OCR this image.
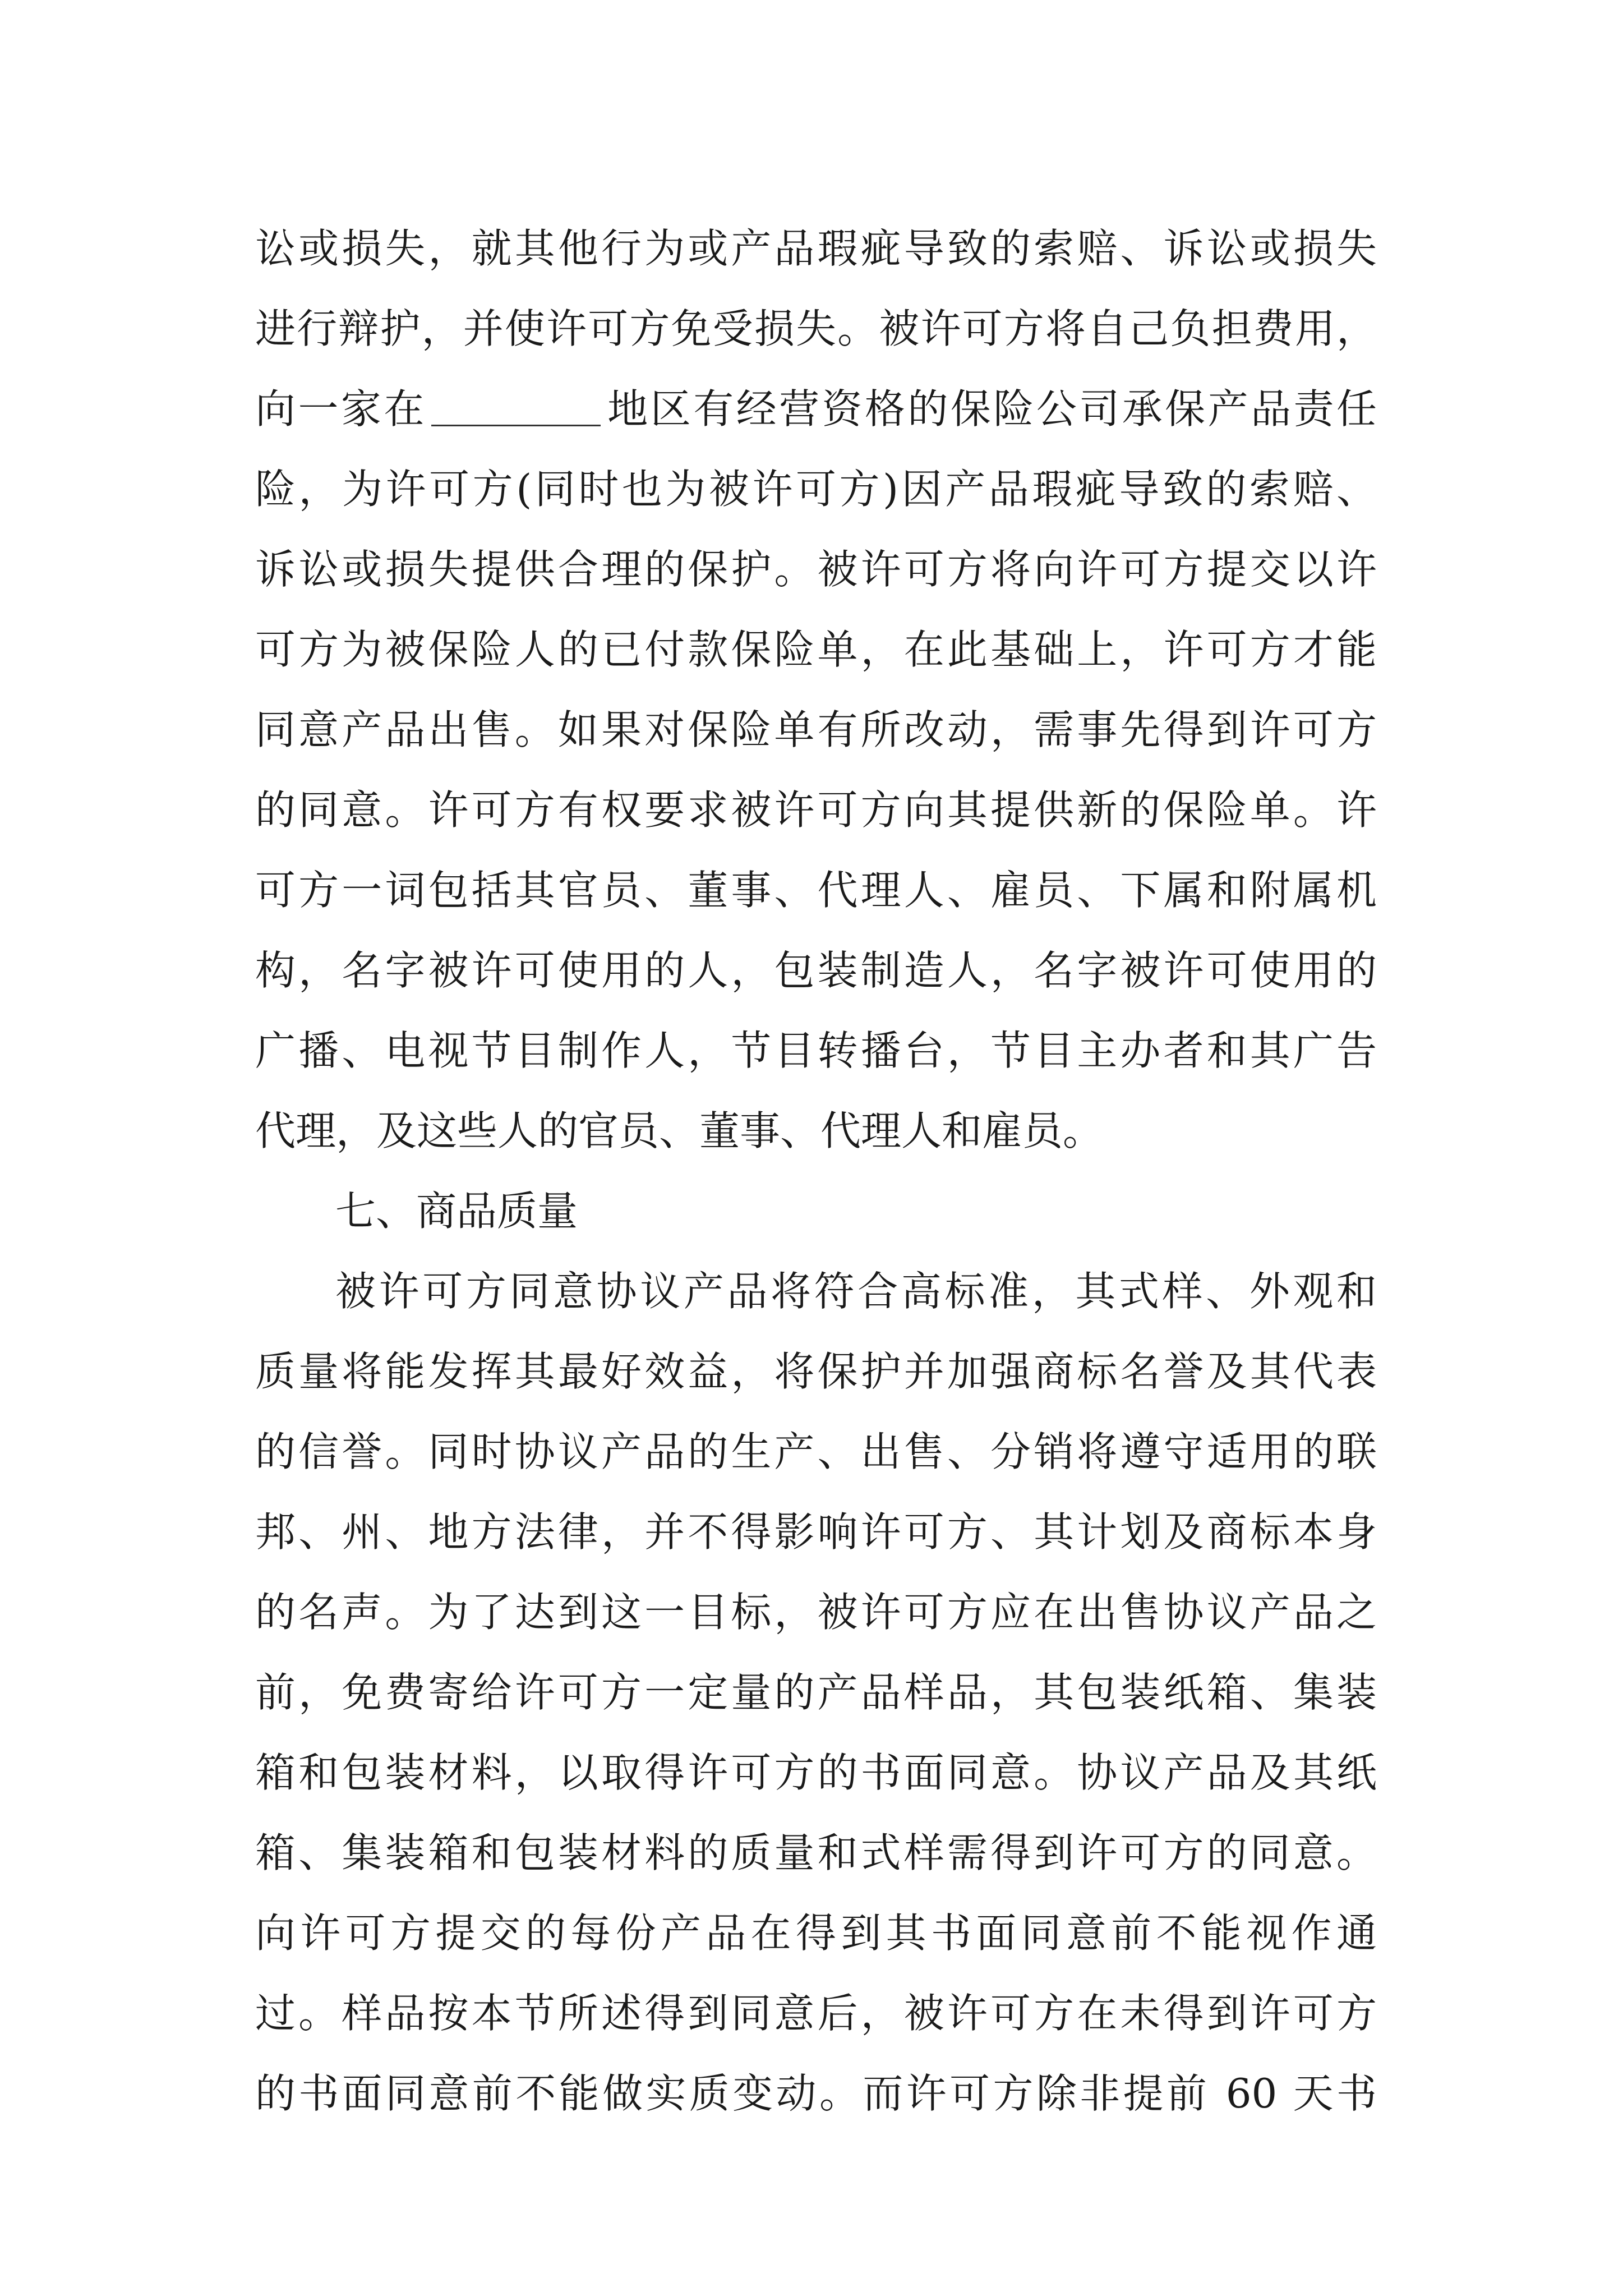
讼或损失，就其他行为或产品瑕疵导致的索赔、诉讼或损失
进行辩护，并使许可方免受损失。被许可方将自己负担费用，
向一家在	地区有经营资格的保险公司承保产品责任
险，为许可方(同时也为被许可方)因产品瑕疵导致的索赔、
诉讼或损失提供合理的保护。被许可方将向许可方提交以许
可方为被保险人的已付款保险单，在此基础上，许可方才能
同意产品出售。如果对保险单有所改动，需事先得到许可方
的同意。许可方有权要求被许可方向其提供新的保险单。许
可方一词包括其官员、董事、代理人、雇员、下属和附属机
构，名字被许可使用的人，包装制造人，名字被许可使用的
广播、电视节目制作人，节目转播台，节目主办者和其广告
代理，及这些人的官员、董事、代理人和雇员。
七、商品质量
被许可方同意协议产品将符合高标准，其式样、外观和
质量将能发挥其最好效益，将保护并加强商标名誉及其代表
的信誉。同时协议产品的生产、出售、分销将遵守适用的联
邦、州、地方法律，并不得影响许可方、其计划及商标本身
的名声。为了达到这一目标，被许可方应在出售协议产品之
前，免费寄给许可方一定量的产品样品，其包装纸箱、集装
箱和包装材料，以取得许可方的书面同意。协议产品及其纸
箱、集装箱和包装材料的质量和式样需得到许可方的同意。
向许可方提交的每份产品在得到其书面同意前不能视作通
过。样品按本节所述得到同意后，被许可方在未得到许可方
的书面同意前不能做实质变动。而许可方除非提前 60 天书
